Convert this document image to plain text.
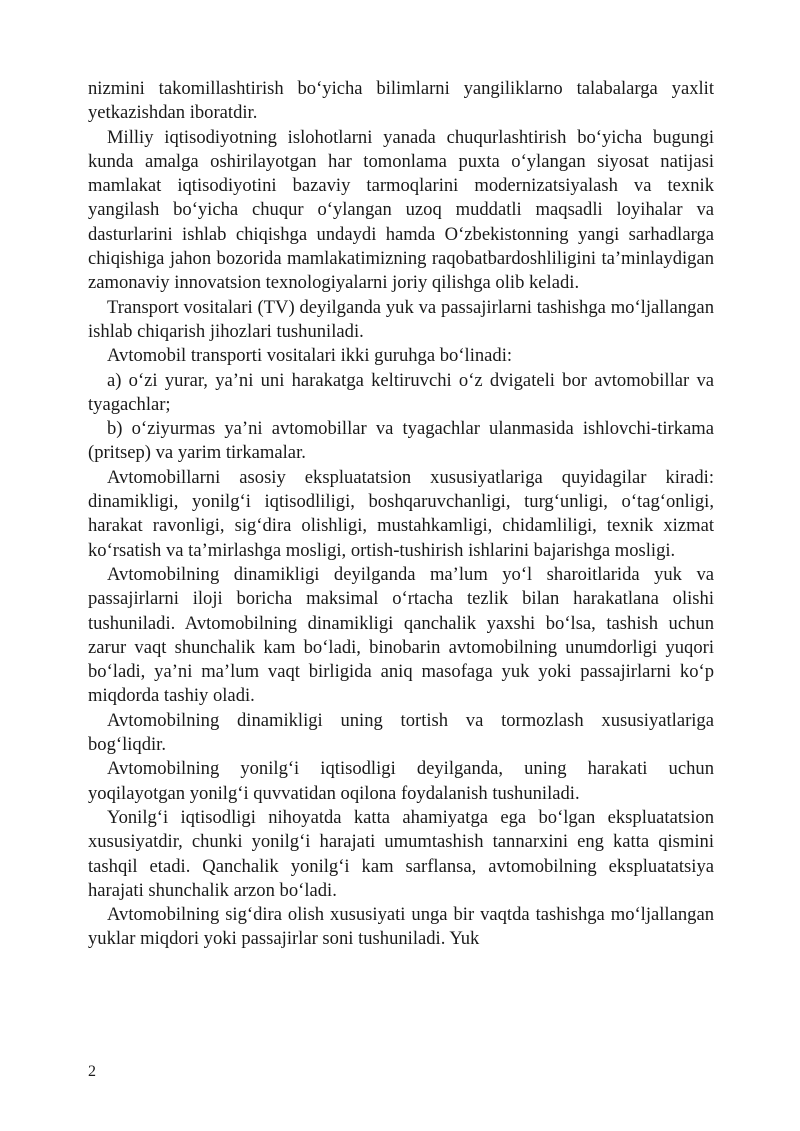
nizmini takomillashtirish bo‘yicha bilimlarni yangiliklarno talabalarga yaxlit yetkazishdan iboratdir.

Milliy iqtisodiyotning islohotlarni yanada chuqurlashtirish bo‘yicha bugungi kunda amalga oshirilayotgan har tomonlama puxta o‘ylangan siyosat natijasi mamlakat iqtisodiyotini bazaviy tarmoqlarini modernizatsiyalash va texnik yangilash bo‘yicha chuqur o‘ylangan uzoq muddatli maqsadli loyihalar va dasturlarini ishlab chiqishga undaydi hamda O‘zbekistonning yangi sarhadlarga chiqishiga jahon bozorida mamlakatimizning raqobatbardoshliligini ta’minlaydigan zamonaviy innovatsion texnologiyalarni joriy qilishga olib keladi.

Transport vositalari (TV) deyilganda yuk va passajirlarni tashishga mo‘ljallangan ishlab chiqarish jihozlari tushuniladi.

Avtomobil transporti vositalari ikki guruhga bo‘linadi:

a) o‘zi yurar, ya’ni uni harakatga keltiruvchi o‘z dvigateli bor avtomobillar va tyagachlar;

b) o‘ziyurmas ya’ni avtomobillar va tyagachlar ulanmasida ishlovchi-tirkama (pritsep) va yarim tirkamalar.

Avtomobillarni asosiy ekspluatatsion xususiyatlariga quyidagilar kiradi: dinamikligi, yonilg‘i iqtisodliligi, boshqaruvchanligi, turg‘unligi, o‘tag‘onligi, harakat ravonligi, sig‘dira olishligi, mustahkamligi, chidamliligi, texnik xizmat ko‘rsatish va ta’mirlashga mosligi, ortish-tushirish ishlarini bajarishga mosligi.

Avtomobilning dinamikligi deyilganda ma’lum yo‘l sharoitlarida yuk va passajirlarni iloji boricha maksimal o‘rtacha tezlik bilan harakatlana olishi tushuniladi. Avtomobilning dinamikligi qanchalik yaxshi bo‘lsa, tashish uchun zarur vaqt shunchalik kam bo‘ladi, binobarin avtomobilning unumdorligi yuqori bo‘ladi, ya’ni ma’lum vaqt birligida aniq masofaga yuk yoki passajirlarni ko‘p miqdorda tashiy oladi.

Avtomobilning dinamikligi uning tortish va tormozlash xususiyatlariga bog‘liqdir.

Avtomobilning yonilg‘i iqtisodligi deyilganda, uning harakati uchun yoqilayotgan yonilg‘i quvvatidan oqilona foydalanish tushuniladi.

Yonilg‘i iqtisodligi nihoyatda katta ahamiyatga ega bo‘lgan ekspluatatsion xususiyatdir, chunki yonilg‘i harajati umumtashish tannarxini eng katta qismini tashqil etadi. Qanchalik yonilg‘i kam sarflansa, avtomobilning ekspluatatsiya harajati shunchalik arzon bo‘ladi.

Avtomobilning sig‘dira olish xususiyati unga bir vaqtda tashishga mo‘ljallangan yuklar miqdori yoki passajirlar soni tushuniladi. Yuk

2
